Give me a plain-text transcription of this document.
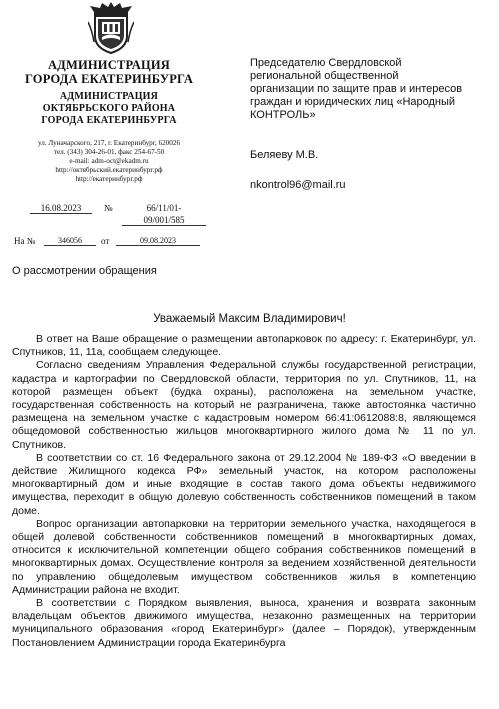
АДМИНИСТРАЦИЯ
ГОРОДА ЕКАТЕРИНБУРГА
АДМИНИСТРАЦИЯ
ОКТЯБРЬСКОГО РАЙОНА
ГОРОДА ЕКАТЕРИНБУРГА
ул. Луначарского, 217, г. Екатеринбург, 620026
тел. (343) 304-26-01, факс 254-67-50
e-mail: adm-oct@ekadm.ru
http://октябрьский.екатеринбург.рф
http://екатеринбург.рф
16.08.2023	№	66/11/01-
09/001/585
На №	346056	от	09.08.2023
Председателю Свердловской
региональной общественной
организации по защите прав и интересов
граждан и юридических лиц «Народный
КОНТРОЛЬ»
Беляеву М.В.
nkontrol96@mail.ru
О рассмотрении обращения
Уважаемый Максим Владимирович!

В ответ на Ваше обращение о размещении автопарковок по адресу: г. Екатеринбург, ул. Спутников, 11, 11а, сообщаем следующее.

Согласно сведениям Управления Федеральной службы государственной регистрации, кадастра и картографии по Свердловской области, территория по ул. Спутников, 11, на которой размещен объект (будка охраны), расположена на земельном участке, государственная собственность на который не разграничена, также автостоянка частично размещена на земельном участке с кадастровым номером 66:41:0612088:8, являющемся общедомовой собственностью жильцов многоквартирного жилого дома № 11 по ул. Спутников.

В соответствии со ст. 16 Федерального закона от 29.12.2004 № 189-ФЗ «О введении в действие Жилищного кодекса РФ» земельный участок, на котором расположены многоквартирный дом и иные входящие в состав такого дома объекты недвижимого имущества, переходит в общую долевую собственность собственников помещений в таком доме.

Вопрос организации автопарковки на территории земельного участка, находящегося в общей долевой собственности собственников помещений в многоквартирных домах, относится к исключительной компетенции общего собрания собственников помещений в многоквартирных домах. Осуществление контроля за ведением хозяйственной деятельности по управлению общедолевым имуществом собственников жилья в компетенцию Администрации района не входит.

В соответствии с Порядком выявления, выноса, хранения и возврата законным владельцам объектов движимого имущества, незаконно размещенных на территории муниципального образования «город Екатеринбург» (далее – Порядок), утвержденным Постановлением Администрации города Екатеринбурга
